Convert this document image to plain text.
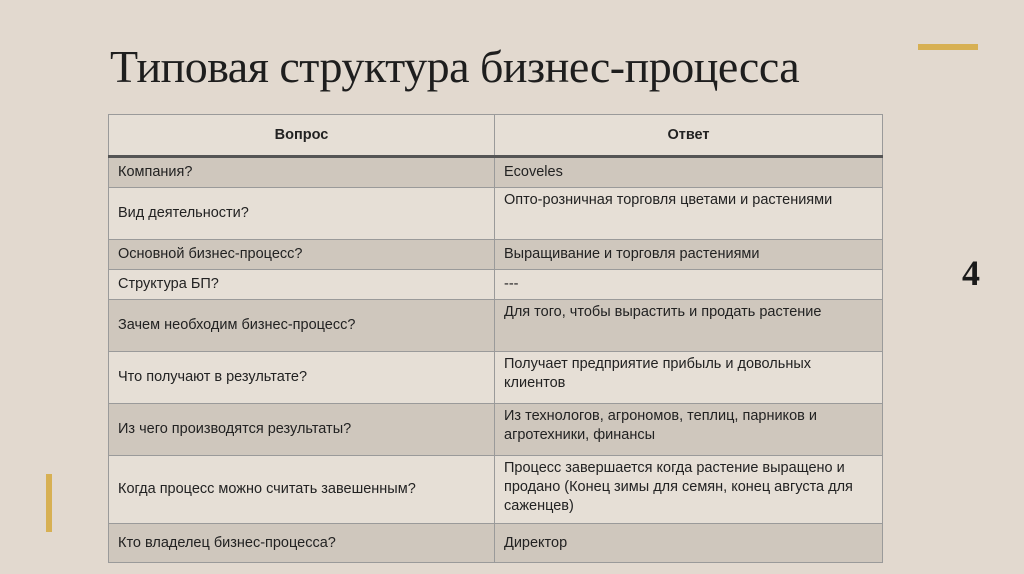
Типовая структура бизнес-процесса
4
Вопрос	Ответ
Компания?	Ecoveles
Вид деятельности?	Опто-розничная торговля цветами и растениями
Основной бизнес-процесс?	Выращивание и торговля растениями
Структура БП?	---
Зачем необходим бизнес-процесс?	Для того, чтобы вырастить и продать растение
Что получают в результате?	Получает предприятие прибыль и довольных клиентов
Из чего производятся результаты?	Из технологов, агрономов, теплиц, парников и агротехники, финансы
Когда процесс можно считать завешенным?	Процесс завершается когда растение выращено и продано (Конец зимы для семян, конец августа для саженцев)
Кто владелец бизнес-процесса?	Директор
